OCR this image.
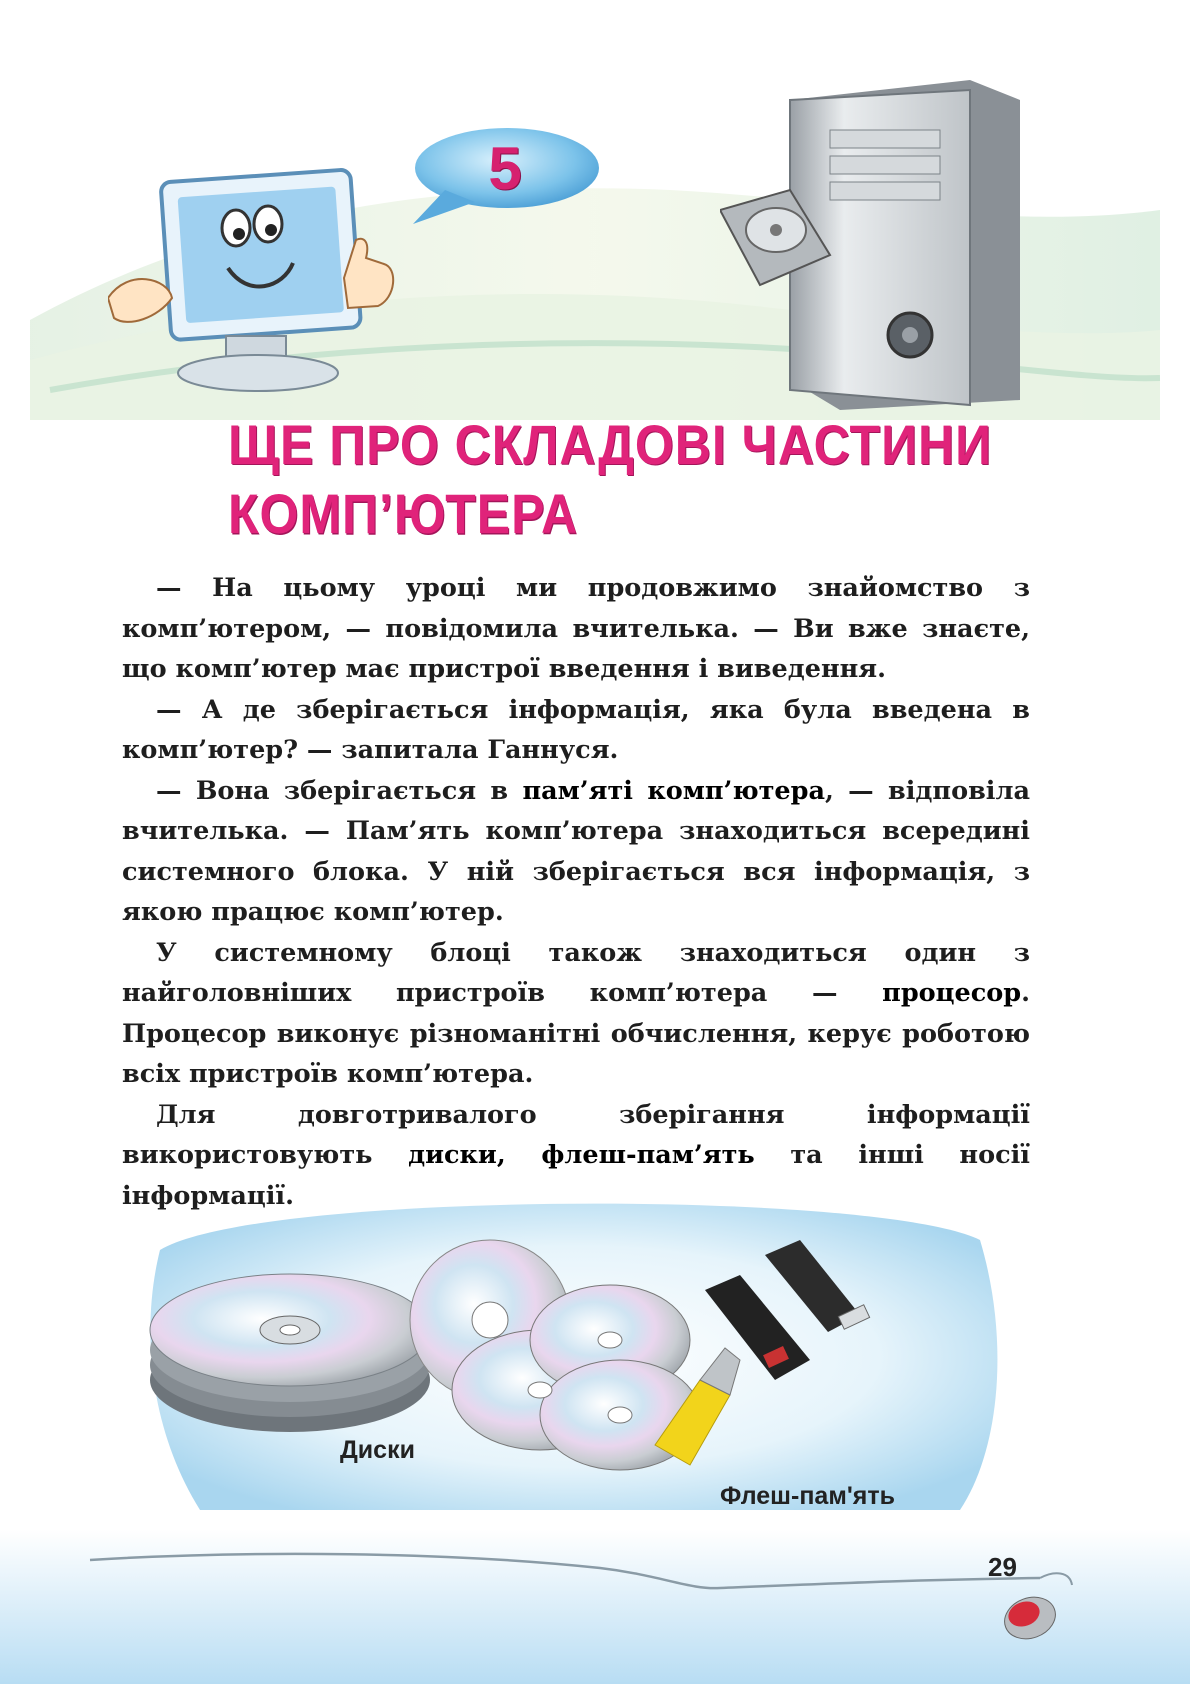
5
ЩЕ ПРО СКЛАДОВІ ЧАСТИНИ
КОМП’ЮТЕРА

— На цьому уроці ми продовжимо знайомство з комп’ютером, — повідомила вчителька. — Ви вже знаєте, що комп’ютер має пристрої введення і виведення.

— А де зберігається інформація, яка була введена в комп’ютер? — запитала Ганнуся.

— Вона зберігається в пам’яті комп’ютера, — відповіла вчителька. — Пам’ять комп’ютера знаходиться всередині системного блока. У ній зберігається вся інформація, з якою працює комп’ютер.

У системному блоці також знаходиться один з найголовніших пристроїв комп’ютера — процесор. Процесор виконує різноманітні обчислення, керує роботою всіх пристроїв комп’ютера.

Для довготривалого зберігання інформації використовують диски, флеш-пам’ять та інші носії інформації.

Диски
Флеш-пам'ять
29
